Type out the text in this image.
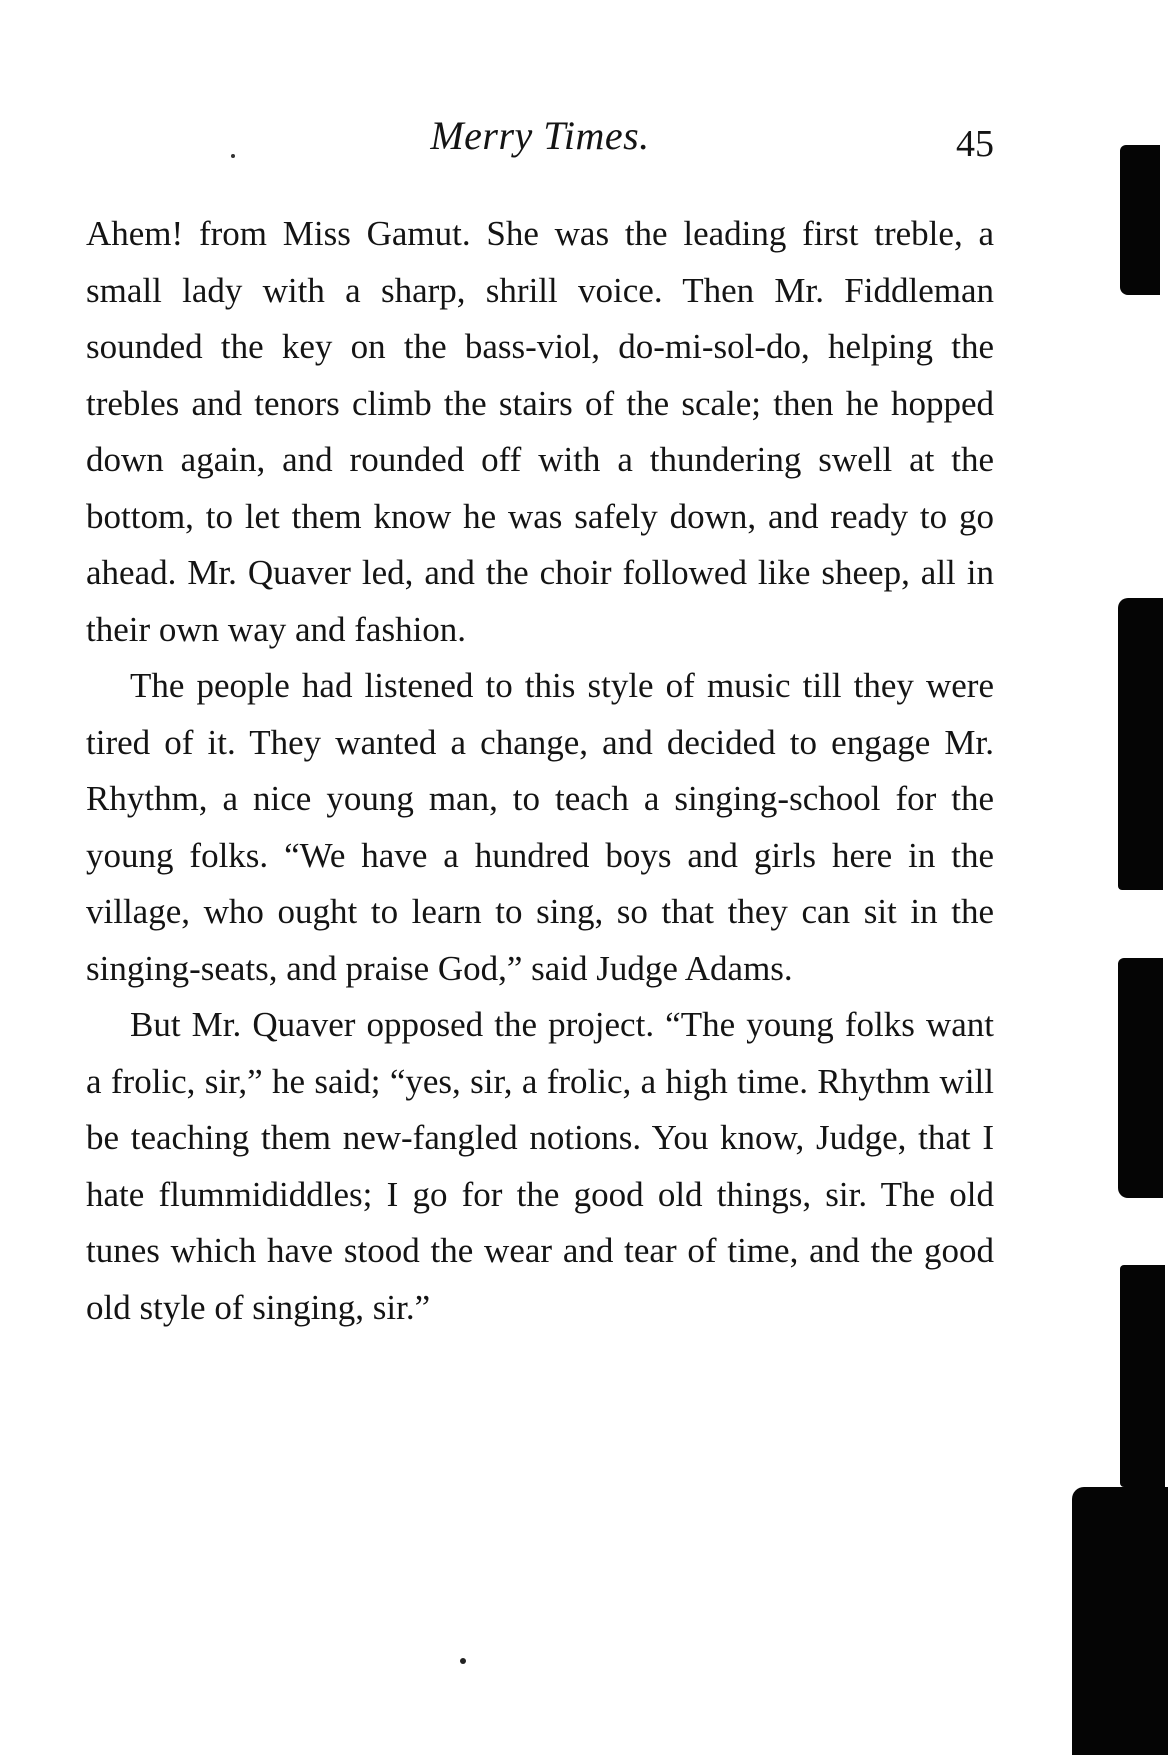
Merry Times.	45

Ahem! from Miss Gamut. She was the leading first treble, a small lady with a sharp, shrill voice. Then Mr. Fiddleman sounded the key on the bass-viol, do-mi-sol-do, helping the trebles and tenors climb the stairs of the scale; then he hopped down again, and rounded off with a thundering swell at the bottom, to let them know he was safely down, and ready to go ahead. Mr. Quaver led, and the choir followed like sheep, all in their own way and fashion.

The people had listened to this style of music till they were tired of it. They wanted a change, and decided to engage Mr. Rhythm, a nice young man, to teach a singing-school for the young folks. “We have a hundred boys and girls here in the village, who ought to learn to sing, so that they can sit in the singing-seats, and praise God,” said Judge Adams.

But Mr. Quaver opposed the project. “The young folks want a frolic, sir,” he said; “yes, sir, a frolic, a high time. Rhythm will be teaching them new-fangled notions. You know, Judge, that I hate flummididdles; I go for the good old things, sir. The old tunes which have stood the wear and tear of time, and the good old style of singing, sir.”
